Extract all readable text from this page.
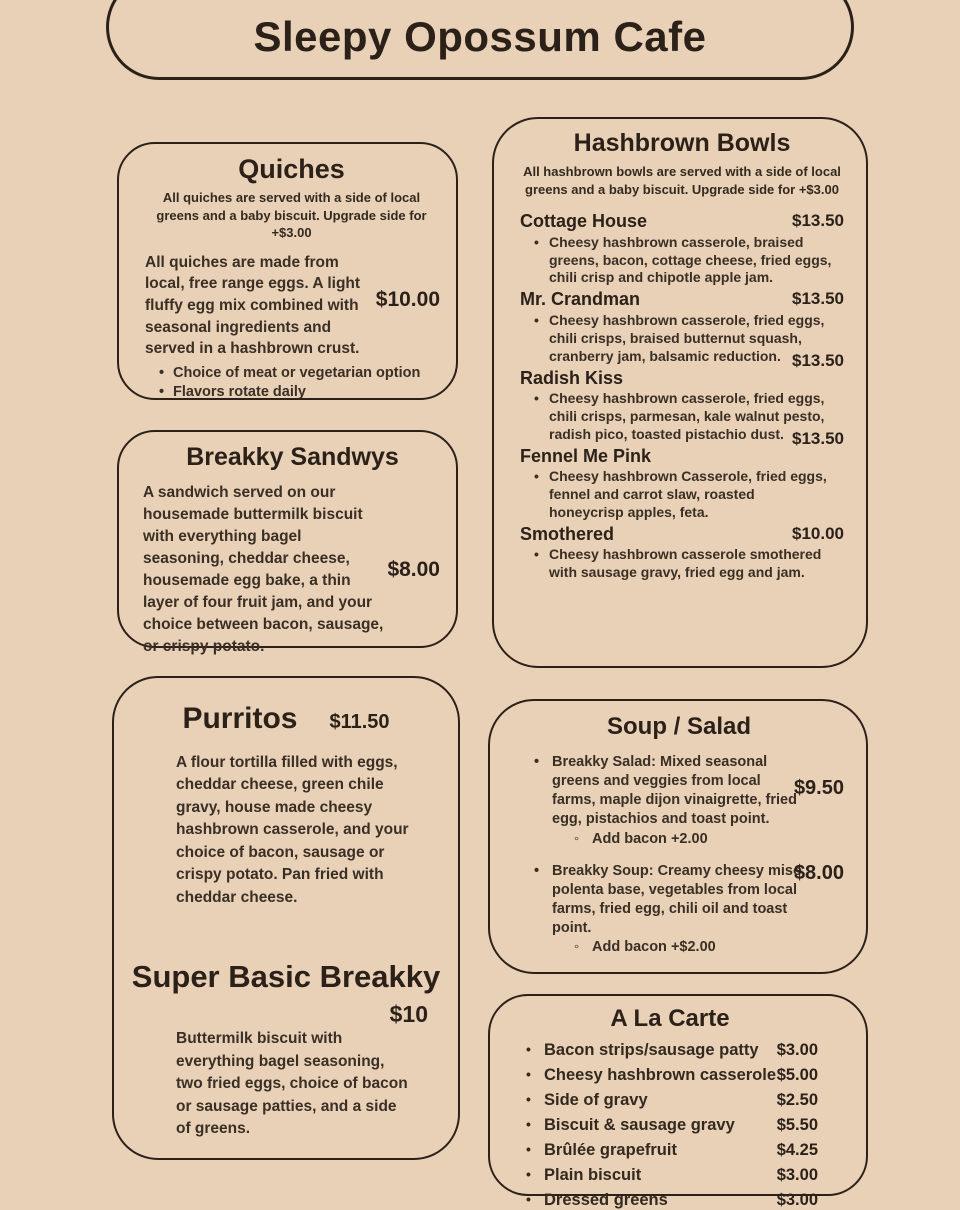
Sleepy Opossum Cafe
Quiches

All quiches are served with a side of local greens and a baby biscuit. Upgrade side for +$3.00

All quiches are made from local, free range eggs. A light fluffy egg mix combined with seasonal ingredients and served in a hashbrown crust.

$10.00
• Choice of meat or vegetarian option
• Flavors rotate daily
Breakky Sandwys

A sandwich served on our housemade buttermilk biscuit with everything bagel seasoning, cheddar cheese, housemade egg bake, a thin layer of four fruit jam, and your choice between bacon, sausage, or crispy potato.

$8.00
Purritos $11.50

A flour tortilla filled with eggs, cheddar cheese, green chile gravy, house made cheesy hashbrown casserole, and your choice of bacon, sausage or crispy potato. Pan fried with cheddar cheese.

Super Basic Breakky
$10

Buttermilk biscuit with everything bagel seasoning, two fried eggs, choice of bacon or sausage patties, and a side of greens.

Hashbrown Bowls

All hashbrown bowls are served with a side of local greens and a baby biscuit. Upgrade side for +$3.00

Cottage House	$13.50

• Cheesy hashbrown casserole, braised greens, bacon, cottage cheese, fried eggs, chili crisp and chipotle apple jam.

Mr. Crandman	$13.50

• Cheesy hashbrown casserole, fried eggs, chili crisps, braised butternut squash, cranberry jam, balsamic reduction.

Radish Kiss
$13.50

• Cheesy hashbrown casserole, fried eggs, chili crisps, parmesan, kale walnut pesto, radish pico, toasted pistachio dust.

Fennel Me Pink
$13.50

• Cheesy hashbrown Casserole, fried eggs, fennel and carrot slaw, roasted honeycrisp apples, feta.

Smothered	$10.00

• Cheesy hashbrown casserole smothered with sausage gravy, fried egg and jam.

Soup / Salad

• Breakky Salad: Mixed seasonal greens and veggies from local farms, maple dijon vinaigrette, fried egg, pistachios and toast point.

$9.50

◦ Add bacon +2.00

• Breakky Soup: Creamy cheesy miso polenta base, vegetables from local farms, fried egg, chili oil and toast point.

$8.00

◦ Add bacon +$2.00

A La Carte
• Bacon strips/sausage patty $3.00
• Cheesy hashbrown casserole $5.00
• Side of gravy	$2.50
• Biscuit & sausage gravy	$5.50
• Brûlée grapefruit	$4.25
• Plain biscuit	$3.00
• Dressed greens	$3.00
